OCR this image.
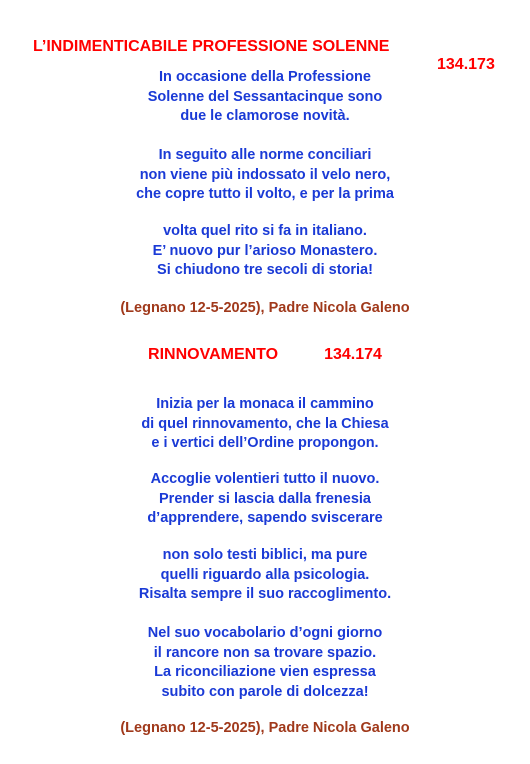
L’INDIMENTICABILE PROFESSIONE SOLENNE

134.173

In occasione della Professione
Solenne del Sessantacinque sono
due le clamorose novità.
In seguito alle norme conciliari
non viene più indossato il velo nero,
che copre tutto il volto, e per la prima
volta quel rito si fa in italiano.
E’ nuovo pur l’arioso Monastero.
Si chiudono tre secoli di storia!
(Legnano 12-5-2025), Padre Nicola Galeno
RINNOVAMENTO	134.174
Inizia per la monaca il cammino
di quel rinnovamento, che la Chiesa
e i vertici dell’Ordine propongon.
Accoglie volentieri tutto il nuovo.
Prender si lascia dalla frenesia
d’apprendere, sapendo sviscerare
non solo testi biblici, ma pure
quelli riguardo alla psicologia.
Risalta sempre il suo raccoglimento.
Nel suo vocabolario d’ogni giorno
il rancore non sa trovare spazio.
La riconciliazione vien espressa
subito con parole di dolcezza!
(Legnano 12-5-2025), Padre Nicola Galeno
